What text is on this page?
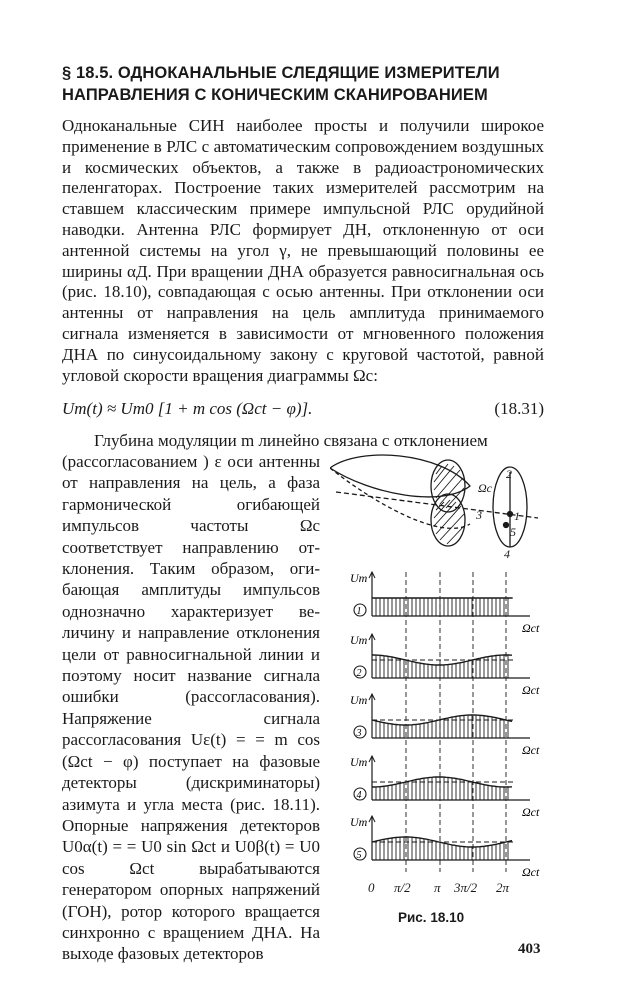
§ 18.5. ОДНОКАНАЛЬНЫЕ СЛЕДЯЩИЕ ИЗМЕРИТЕЛИ НАПРАВЛЕНИЯ С КОНИЧЕСКИМ СКАНИРОВАНИЕМ
Одноканальные СИН наиболее просты и получили широкое применение в РЛС с автоматическим сопровождением воздушных и космических объектов, а также в радиоастрономических пеленгаторах. Построение таких измерителей рассмотрим на ставшем классическим примере импульсной РЛС орудийной наводки. Антенна РЛС формирует ДН, отклоненную от оси антенной системы на угол γ, не превышающий половины ее ширины αД. При вращении ДНА образуется равносигнальная ось (рис. 18.10), совпадающая с осью антенны. При отклонении оси антенны от направления на цель амплитуда принимаемого сигнала изменяется в зависимости от мгновенного положения ДНА по синусоидальному закону с круговой частотой, равной угловой скорости вращения диаграммы Ωc:
Um(t) ≈ Um0 [1 + m cos (Ωct − φ)].	(18.31)
Глубина модуляции m линейно связана с отклонением
(рассогласованием ) ε оси антенны от направления на цель, а фаза гармонической огибающей импульсов частоты Ωc соответствует направлению отклонения. Таким образом, огибающая амплитуды импульсов однозначно характеризует величину и направление отклонения цели от равносигнальной линии и поэтому носит название сигнала ошибки (рассогласования). Напряжение сигнала рассогласования Uε(t) = = m cos (Ωct − φ) поступает на фазовые детекторы (дискриминаторы) азимута и угла места (рис. 18.11). Опорные напряжения детекторов U0α(t) = = U0 sin Ωct и U0β(t) = U0 cos Ωct вырабатываются генератором опорных напряжений (ГОН), ротор которого вращается синхронно с вращением ДНА. На выходе фазовых детекторов
2
Ωc
3	1
5
4
Um
Ωct
1
Um
Ωct
2
Um
Ωct
3
Um
Ωct
4
Um
Ωct
5
0 π/2 π 3π/2 2π
Рис. 18.10
403
